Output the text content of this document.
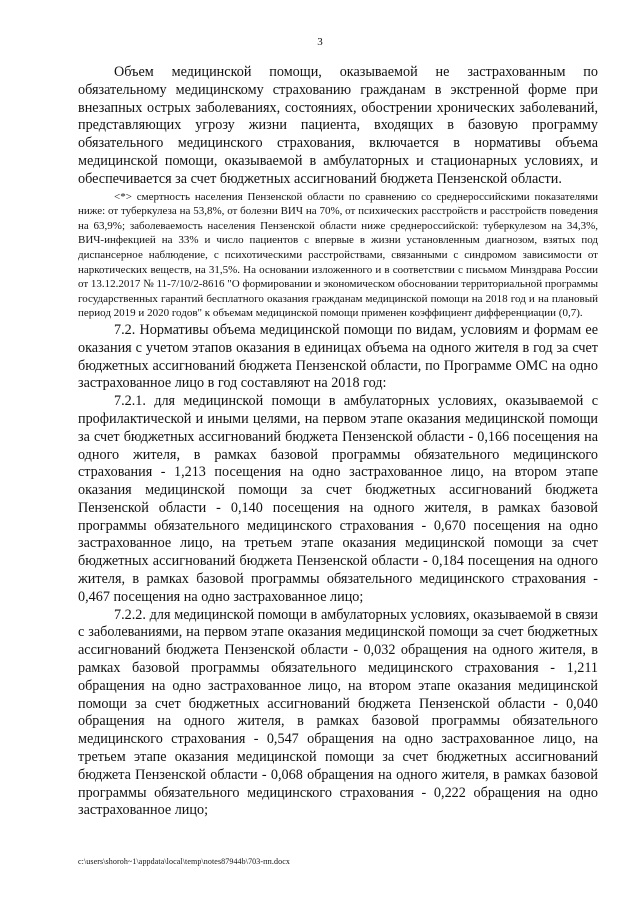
3

Объем медицинской помощи, оказываемой не застрахованным по обязательному медицинскому страхованию гражданам в экстренной форме при внезапных острых заболеваниях, состояниях, обострении хронических заболеваний, представляющих угрозу жизни пациента, входящих в базовую программу обязательного медицинского страхования, включается в нормативы объема медицинской помощи, оказываемой в амбулаторных и стационарных условиях, и обеспечивается за счет бюджетных ассигнований бюджета Пензенской области.

<*> смертность населения Пензенской области по сравнению со среднероссийскими показателями ниже: от туберкулеза на 53,8%, от болезни ВИЧ на 70%, от психических расстройств и расстройств поведения на 63,9%; заболеваемость населения Пензенской области ниже среднероссийской: туберкулезом на 34,3%, ВИЧ-инфекцией на 33% и число пациентов с впервые в жизни установленным диагнозом, взятых под диспансерное наблюдение, с психотическими расстройствами, связанными с синдромом зависимости от наркотических веществ, на 31,5%. На основании изложенного и в соответствии с письмом Минздрава России от 13.12.2017 № 11-7/10/2-8616 "О формировании и экономическом обосновании территориальной программы государственных гарантий бесплатного оказания гражданам медицинской помощи на 2018 год и на плановый период 2019 и 2020 годов" к объемам медицинской помощи применен коэффициент дифференциации (0,7).

7.2. Нормативы объема медицинской помощи по видам, условиям и формам ее оказания с учетом этапов оказания в единицах объема на одного жителя в год за счет бюджетных ассигнований бюджета Пензенской области, по Программе ОМС на одно застрахованное лицо в год составляют на 2018 год:

7.2.1. для медицинской помощи в амбулаторных условиях, оказываемой с профилактической и иными целями, на первом этапе оказания медицинской помощи за счет бюджетных ассигнований бюджета Пензенской области - 0,166 посещения на одного жителя, в рамках базовой программы обязательного медицинского страхования - 1,213 посещения на одно застрахованное лицо, на втором этапе оказания медицинской помощи за счет бюджетных ассигнований бюджета Пензенской области - 0,140 посещения на одного жителя, в рамках базовой программы обязательного медицинского страхования - 0,670 посещения на одно застрахованное лицо, на третьем этапе оказания медицинской помощи за счет бюджетных ассигнований бюджета Пензенской области - 0,184 посещения на одного жителя, в рамках базовой программы обязательного медицинского страхования - 0,467 посещения на одно застрахованное лицо;

7.2.2. для медицинской помощи в амбулаторных условиях, оказываемой в связи с заболеваниями, на первом этапе оказания медицинской помощи за счет бюджетных ассигнований бюджета Пензенской области - 0,032 обращения на одного жителя, в рамках базовой программы обязательного медицинского страхования - 1,211 обращения на одно застрахованное лицо, на втором этапе оказания медицинской помощи за счет бюджетных ассигнований бюджета Пензенской области - 0,040 обращения на одного жителя, в рамках базовой программы обязательного медицинского страхования - 0,547 обращения на одно застрахованное лицо, на третьем этапе оказания медицинской помощи за счет бюджетных ассигнований бюджета Пензенской области - 0,068 обращения на одного жителя, в рамках базовой программы обязательного медицинского страхования - 0,222 обращения на одно застрахованное лицо;

c:\users\shoroh~1\appdata\local\temp\notes87944b\703-пп.docx
